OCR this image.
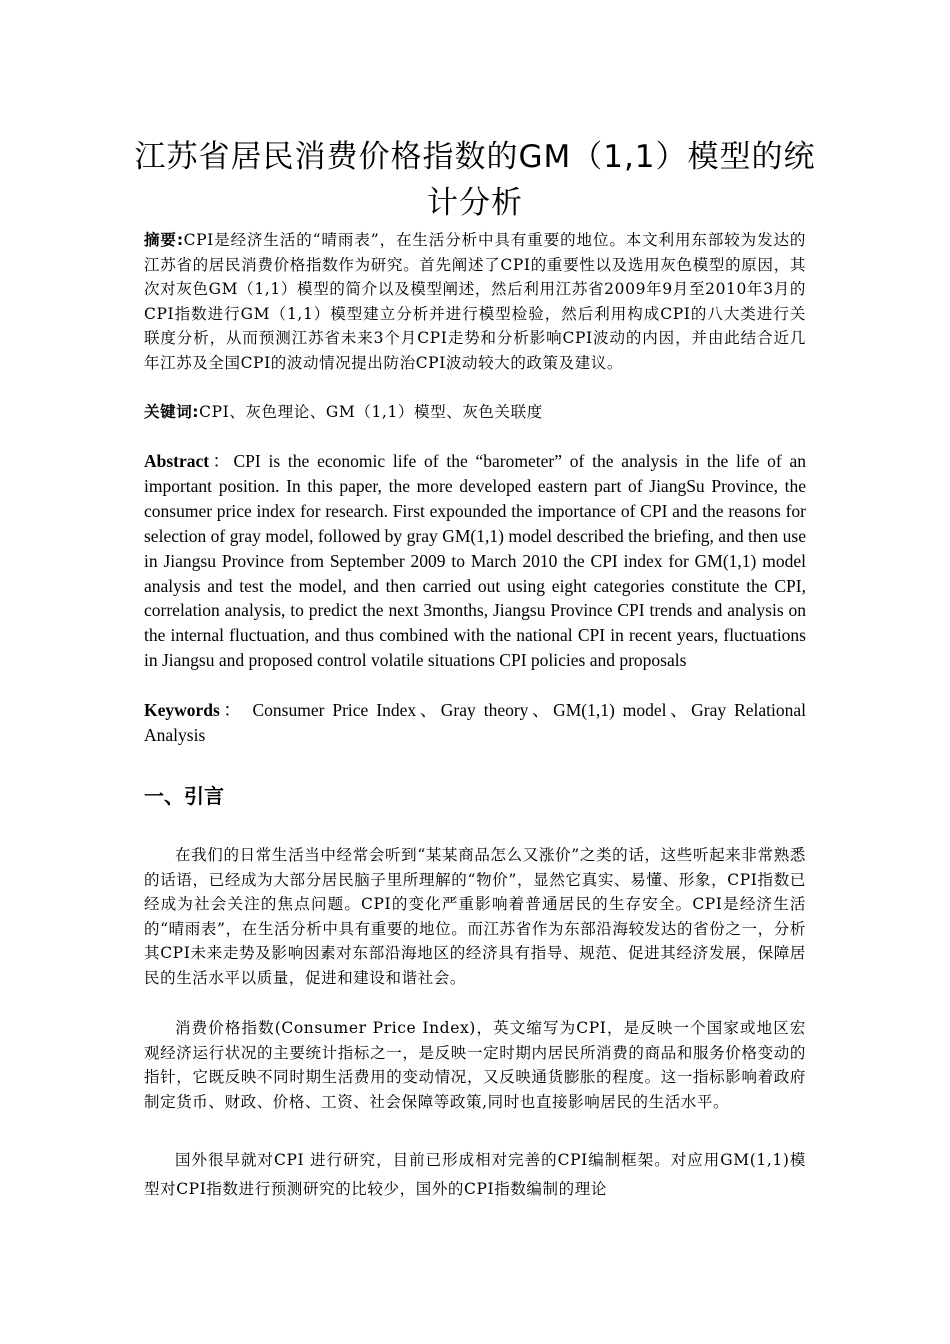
江苏省居民消费价格指数的GM（1,1）模型的统计分析
摘要:CPI是经济生活的“晴雨表”，在生活分析中具有重要的地位。本文利用东部较为发达的江苏省的居民消费价格指数作为研究。首先阐述了CPI的重要性以及选用灰色模型的原因，其次对灰色GM（1,1）模型的简介以及模型阐述，然后利用江苏省2009年9月至2010年3月的CPI指数进行GM（1,1）模型建立分析并进行模型检验，然后利用构成CPI的八大类进行关联度分析，从而预测江苏省未来3个月CPI走势和分析影响CPI波动的内因，并由此结合近几年江苏及全国CPI的波动情况提出防治CPI波动较大的政策及建议。
关键词:CPI、灰色理论、GM（1,1）模型、灰色关联度
Abstract：CPI is the economic life of the “barometer” of the analysis in the life of an important position. In this paper, the more developed eastern part of JiangSu Province, the consumer price index for research. First expounded the importance of CPI and the reasons for selection of gray model, followed by gray GM(1,1) model described the briefing, and then use in Jiangsu Province from September 2009 to March 2010 the CPI index for GM(1,1) model analysis and test the model, and then carried out using eight categories constitute the CPI, correlation analysis, to predict the next 3months, Jiangsu Province CPI trends and analysis on the internal fluctuation, and thus combined with the national CPI in recent years, fluctuations in Jiangsu and proposed control volatile situations CPI policies and proposals
Keywords： Consumer Price Index、Gray theory、GM(1,1) model、Gray Relational Analysis
一、引言
在我们的日常生活当中经常会听到“某某商品怎么又涨价”之类的话，这些听起来非常熟悉的话语，已经成为大部分居民脑子里所理解的“物价”，显然它真实、易懂、形象，CPI指数已经成为社会关注的焦点问题。CPI的变化严重影响着普通居民的生存安全。CPI是经济生活的“晴雨表”，在生活分析中具有重要的地位。而江苏省作为东部沿海较发达的省份之一，分析其CPI未来走势及影响因素对东部沿海地区的经济具有指导、规范、促进其经济发展，保障居民的生活水平以质量，促进和建设和谐社会。
消费价格指数(Consumer Price Index)，英文缩写为CPI，是反映一个国家或地区宏观经济运行状况的主要统计指标之一，是反映一定时期内居民所消费的商品和服务价格变动的指针，它既反映不同时期生活费用的变动情况，又反映通货膨胀的程度。这一指标影响着政府制定货币、财政、价格、工资、社会保障等政策,同时也直接影响居民的生活水平。
国外很早就对CPI 进行研究，目前已形成相对完善的CPI编制框架。对应用GM(1,1)模型对CPI指数进行预测研究的比较少，国外的CPI指数编制的理论
